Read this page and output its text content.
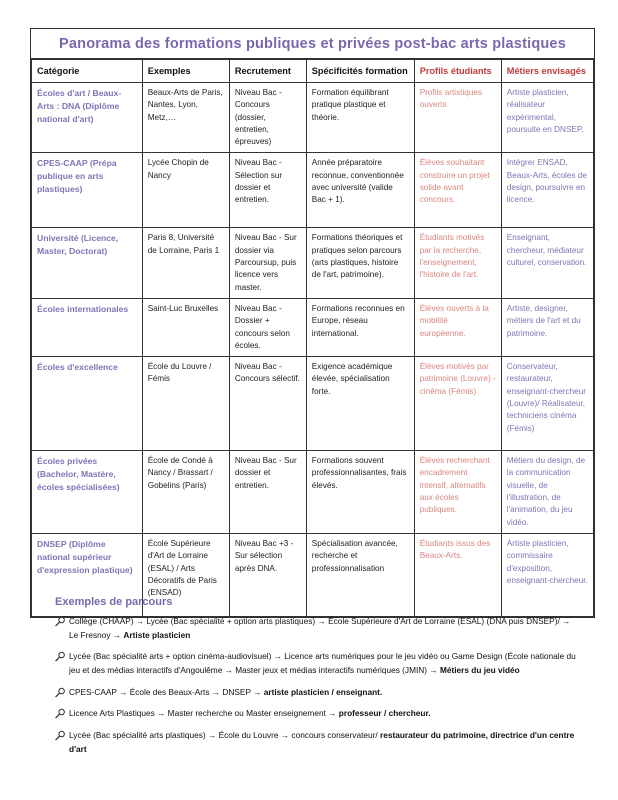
Panorama des formations publiques et privées post-bac arts plastiques
Catégorie	Exemples	Recrutement	Spécificités formation	Profils étudiants	Métiers envisagés
Écoles d'art / Beaux-Arts : DNA (Diplôme national d'art)	Beaux-Arts de Paris, Nantes, Lyon, Metz,…	Niveau Bac - Concours (dossier, entretien, épreuves)	Formation équilibrant pratique plastique et théorie.	Profils artistiques ouverts	Artiste plasticien, réalisateur expérimental, poursuite en DNSEP.
CPES-CAAP (Prépa publique en arts plastiques)	Lycée Chopin de Nancy	Niveau Bac - Sélection sur dossier et entretien.	Année préparatoire reconnue, conventionnée avec université (valide Bac + 1).	Élèves souhaitant construire un projet solide avant concours.	Intégrer ENSAD, Beaux-Arts, écoles de design, poursuivre en licence.
Université (Licence, Master, Doctorat)	Paris 8, Université de Lorraine, Paris 1	Niveau Bac - Sur dossier via Parcoursup, puis licence vers master.	Formations théoriques et pratiques selon parcours (arts plastiques, histoire de l'art, patrimoine).	Étudiants motivés par la recherche, l'enseignement, l'histoire de l'art.	Enseignant, chercheur, médiateur culturel, conservation.
Écoles internationales	Saint-Luc Bruxelles	Niveau Bac - Dossier + concours selon écoles.	Formations reconnues en Europe, réseau international.	Élèves ouverts à la mobilité européenne.	Artiste, designer, métiers de l'art et du patrimoine.
Écoles d'excellence	École du Louvre / Fémis	Niveau Bac - Concours sélectif.	Exigence académique élevée, spécialisation forte.	Élèves motivés par patrimoine (Louvre) - cinéma (Fémis)	Conservateur, restaurateur, enseignant-chercheur (Louvre)/ Réalisateur, techniciens cinéma (Fémis)
Écoles privées (Bachelor, Mastère, écoles spécialisées)	École de Condé à Nancy / Brassart / Gobelins (Paris)	Niveau Bac - Sur dossier et entretien.	Formations souvent professionnalisantes, frais élevés.	Élèves recherchant encadrement intensif, alternatifs aux écoles publiques.	Métiers du design, de la communication visuelle, de l'illustration, de l'animation, du jeu vidéo.
DNSEP (Diplôme national supérieur d'expression plastique)	École Supérieure d'Art de Lorraine (ESAL) / Arts Décoratifs de Paris (ENSAD)	Niveau Bac +3 - Sur sélection après DNA.	Spécialisation avancée, recherche et professionnalisation	Étudiants issus des Beaux-Arts.	Artiste plasticien, commissaire d'exposition, enseignant-chercheur.
Exemples de parcours
Collège (CHAAP) → Lycée (Bac spécialité + option arts plastiques) → École Supérieure d'Art de Lorraine (ESAL) (DNA puis DNSEP)/ → Le Fresnoy → Artiste plasticien
Lycée (Bac spécialité arts + option cinéma-audiovisuel) → Licence arts numériques pour le jeu vidéo ou Game Design (École nationale du jeu et des médias interactifs d'Angoulême → Master jeux et médias interactifs numériques (JMIN) → Métiers du jeu vidéo
CPES-CAAP → École des Beaux-Arts → DNSEP → artiste plasticien / enseignant.
Licence Arts Plastiques → Master recherche ou Master enseignement → professeur / chercheur.
Lycée (Bac spécialité arts plastiques) → École du Louvre → concours conservateur/ restaurateur du patrimoine, directrice d'un centre d'art
